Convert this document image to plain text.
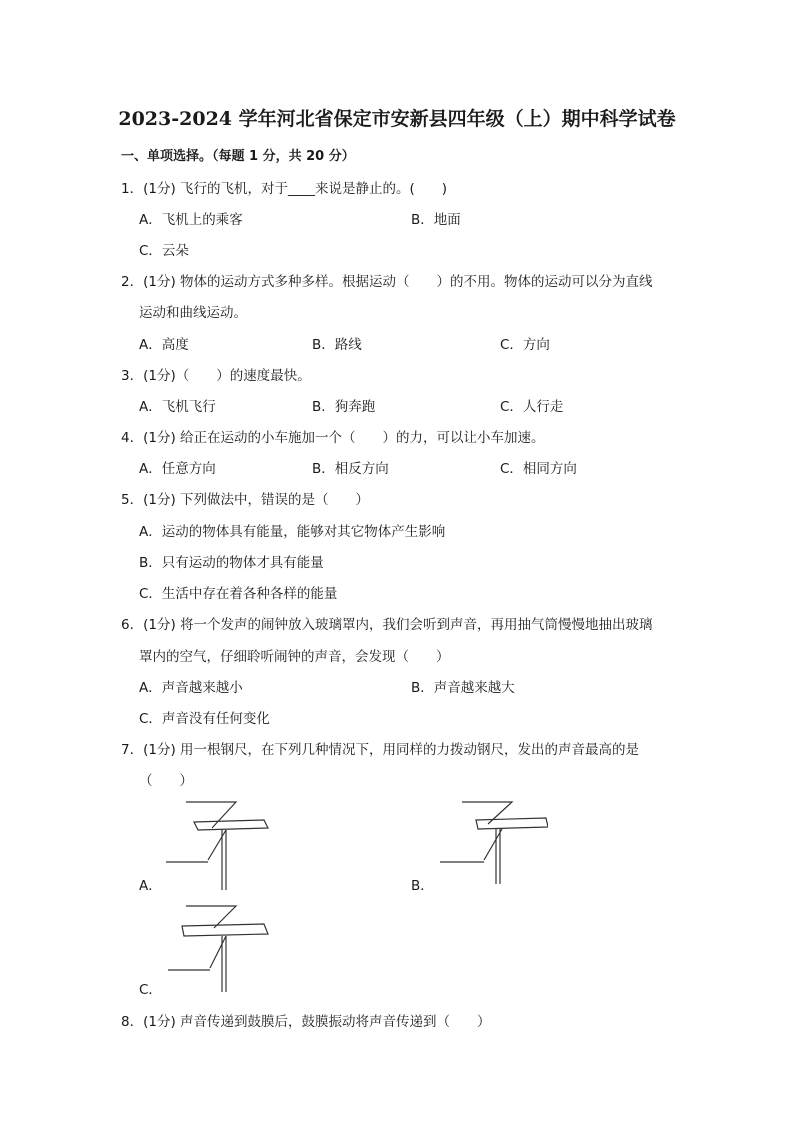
2023-2024 学年河北省保定市安新县四年级（上）期中科学试卷
一、单项选择。（每题 1 分，共 20 分）
1．(1分) 飞行的飞机，对于____来说是静止的。(　　)
A．飞机上的乘客	B．地面
C．云朵
2．(1分) 物体的运动方式多种多样。根据运动（　　）的不用。物体的运动可以分为直线
运动和曲线运动。
A．高度	B．路线	C．方向
3．(1分)（　　）的速度最快。
A．飞机飞行	B．狗奔跑	C．人行走
4．(1分) 给正在运动的小车施加一个（　　）的力，可以让小车加速。
A．任意方向	B．相反方向	C．相同方向
5．(1分) 下列做法中，错误的是（　　）
A．运动的物体具有能量，能够对其它物体产生影响
B．只有运动的物体才具有能量
C．生活中存在着各种各样的能量
6．(1分) 将一个发声的闹钟放入玻璃罩内，我们会听到声音，再用抽气筒慢慢地抽出玻璃
罩内的空气，仔细聆听闹钟的声音，会发现（　　）
A．声音越来越小	B．声音越来越大
C．声音没有任何变化
7．(1分) 用一根钢尺，在下列几种情况下，用同样的力拨动钢尺，发出的声音最高的是
（　　）
A．	B．
C．
8．(1分) 声音传递到鼓膜后，鼓膜振动将声音传递到（　　）
